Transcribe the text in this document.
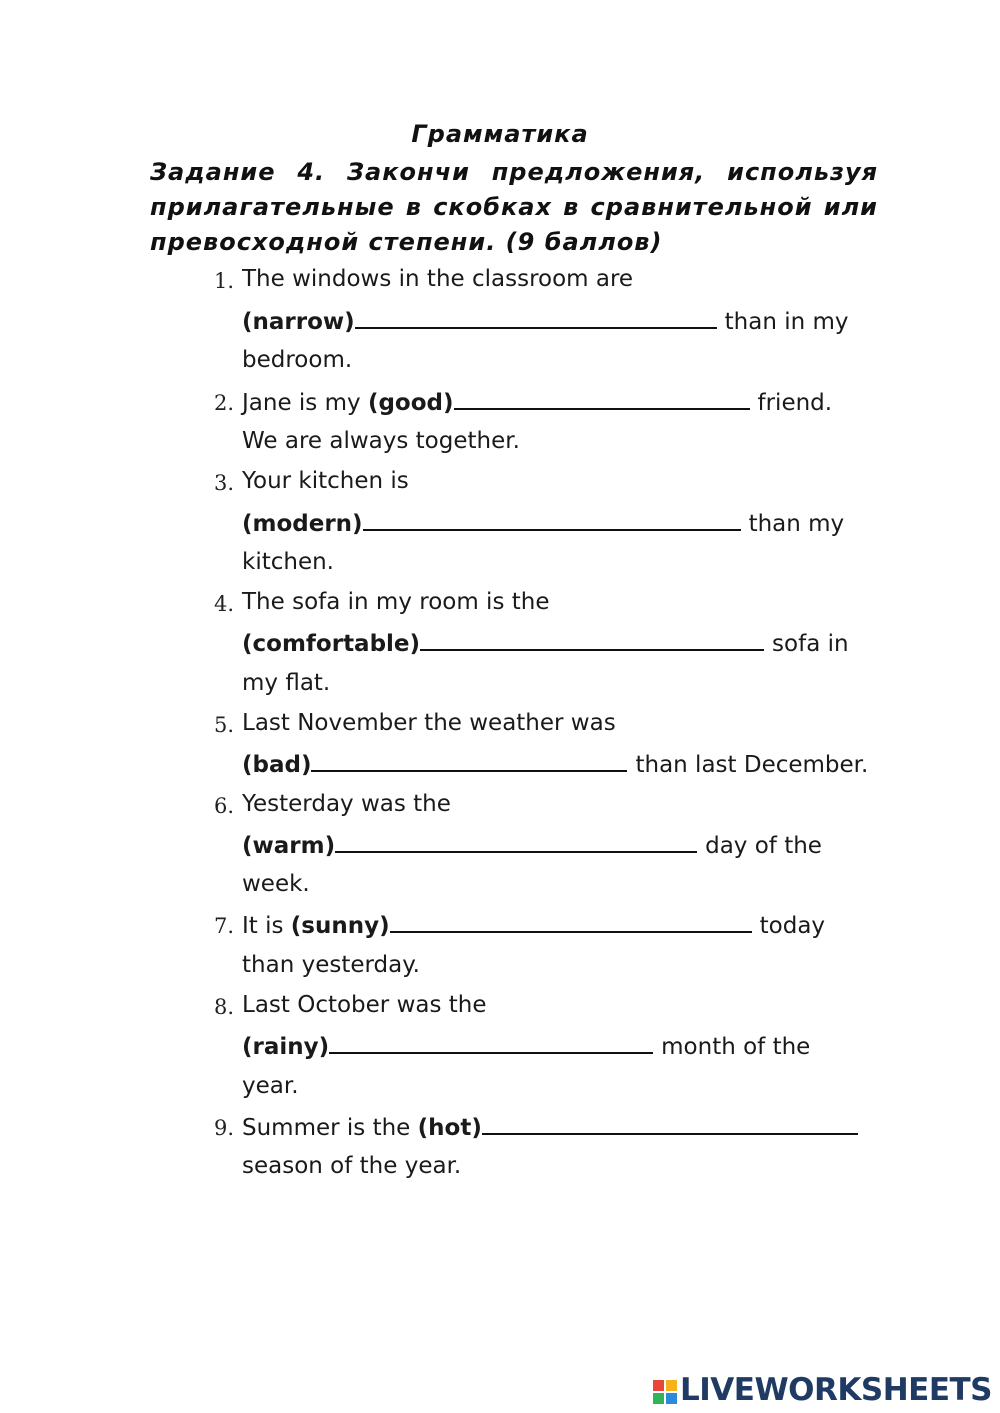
Грамматика
Задание 4. Закончи предложения, используя прилагательные в скобках в сравнительной или превосходной степени. (9 баллов)
1. The windows in the classroom are
(narrow)	than in my
bedroom.
2. Jane is my (good)	friend.
We are always together.
3. Your kitchen is
(modern)	than my
kitchen.
4. The sofa in my room is the
(comfortable)	sofa in
my flat.
5. Last November the weather was
(bad)	than last December.
6. Yesterday was the
(warm)	day of the
week.
7. It is (sunny)	today
than yesterday.
8. Last October was the
(rainy)	month of the
year.
9. Summer is the (hot)
season of the year.
LIVEWORKSHEETS
